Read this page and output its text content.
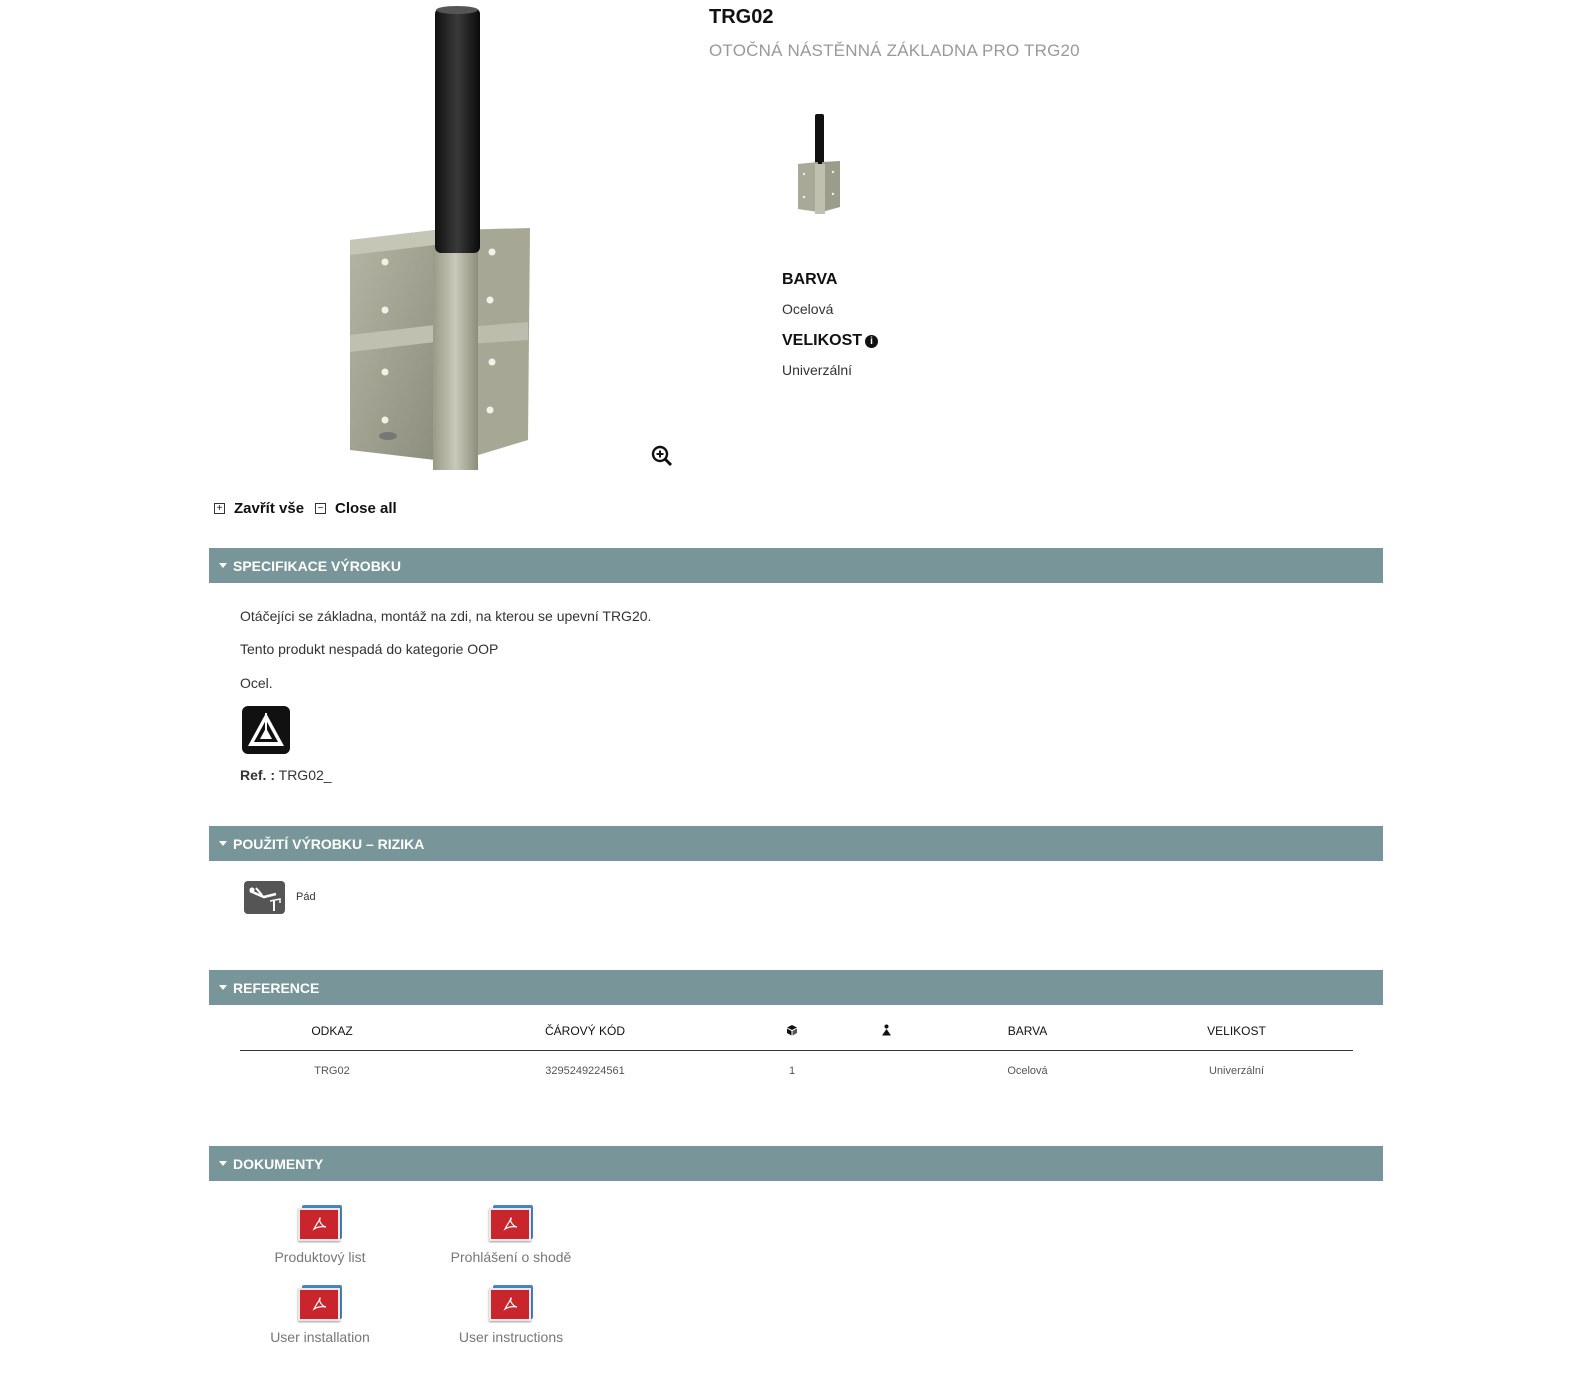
TRG02
OTOČNÁ NÁSTĚNNÁ ZÁKLADNA PRO TRG20
BARVA
Ocelová
VELIKOST i
Univerzální
+ Zavřít vše − Close all
SPECIFIKACE VÝROBKU
Otáčejíci se základna, montáž na zdi, na kterou se upevní TRG20.
Tento produkt nespadá do kategorie OOP
Ocel.
Ref. : TRG02_
POUŽITÍ VÝROBKU – RIZIKA
Pád
REFERENCE
ODKAZ	ČÁROVÝ KÓD			BARVA	VELIKOST
TRG02	3295249224561	1		Ocelová	Univerzální
DOKUMENTY
Produktový list	Prohlášení o shodě
User installation	User instructions
